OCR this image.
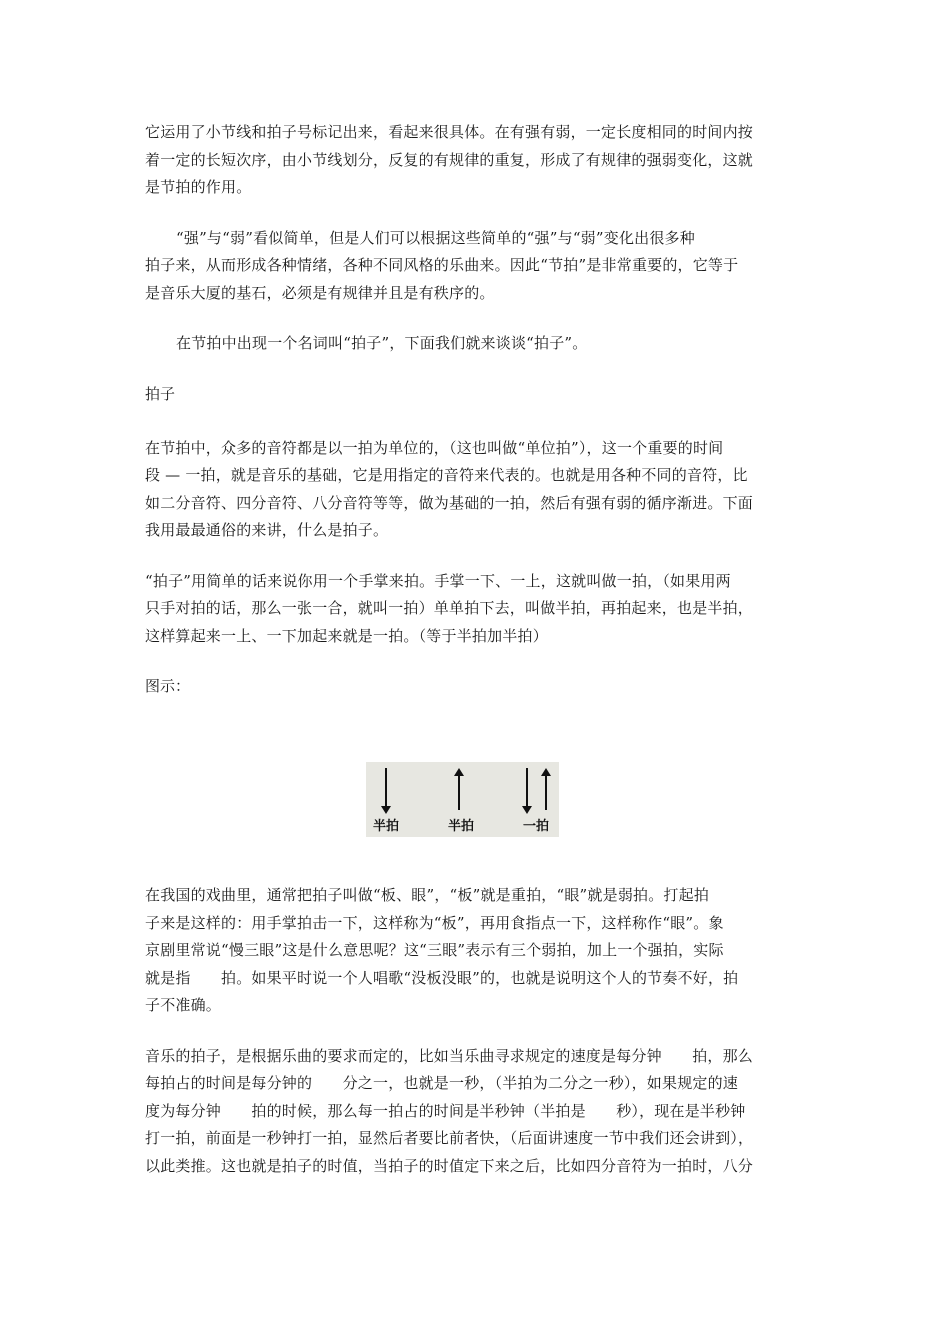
它运用了小节线和拍子号标记出来，看起来很具体。在有强有弱，一定长度相同的时间内按
着一定的长短次序，由小节线划分，反复的有规律的重复，形成了有规律的强弱变化，这就
是节拍的作用。

“强”与“弱”看似简单，但是人们可以根据这些简单的“强”与“弱”变化出很多种
拍子来，从而形成各种情绪，各种不同风格的乐曲来。因此“节拍”是非常重要的，它等于
是音乐大厦的基石，必须是有规律并且是有秩序的。

在节拍中出现一个名词叫“拍子”，下面我们就来谈谈“拍子”。

拍子

在节拍中，众多的音符都是以一拍为单位的，（这也叫做“单位拍”），这一个重要的时间
段 — 一拍，就是音乐的基础，它是用指定的音符来代表的。也就是用各种不同的音符，比
如二分音符、四分音符、八分音符等等，做为基础的一拍，然后有强有弱的循序渐进。下面
我用最最通俗的来讲，什么是拍子。

“拍子”用简单的话来说你用一个手掌来拍。手掌一下、一上，这就叫做一拍，（如果用两
只手对拍的话，那么一张一合，就叫一拍）单单拍下去，叫做半拍，再拍起来，也是半拍，
这样算起来一上、一下加起来就是一拍。（等于半拍加半拍）

图示：
半拍	半拍	一拍

在我国的戏曲里，通常把拍子叫做“板、眼”，“板”就是重拍，“眼”就是弱拍。打起拍
子来是这样的：用手掌拍击一下，这样称为“板”，再用食指点一下，这样称作“眼”。象
京剧里常说“慢三眼”这是什么意思呢？这“三眼”表示有三个弱拍，加上一个强拍，实际
就是指　　拍。如果平时说一个人唱歌“没板没眼”的，也就是说明这个人的节奏不好，拍
子不准确。

音乐的拍子，是根据乐曲的要求而定的，比如当乐曲寻求规定的速度是每分钟　　拍，那么
每拍占的时间是每分钟的　　分之一，也就是一秒，（半拍为二分之一秒），如果规定的速
度为每分钟　　拍的时候，那么每一拍占的时间是半秒钟（半拍是　　秒），现在是半秒钟
打一拍，前面是一秒钟打一拍，显然后者要比前者快，（后面讲速度一节中我们还会讲到），
以此类推。这也就是拍子的时值，当拍子的时值定下来之后，比如四分音符为一拍时，八分
